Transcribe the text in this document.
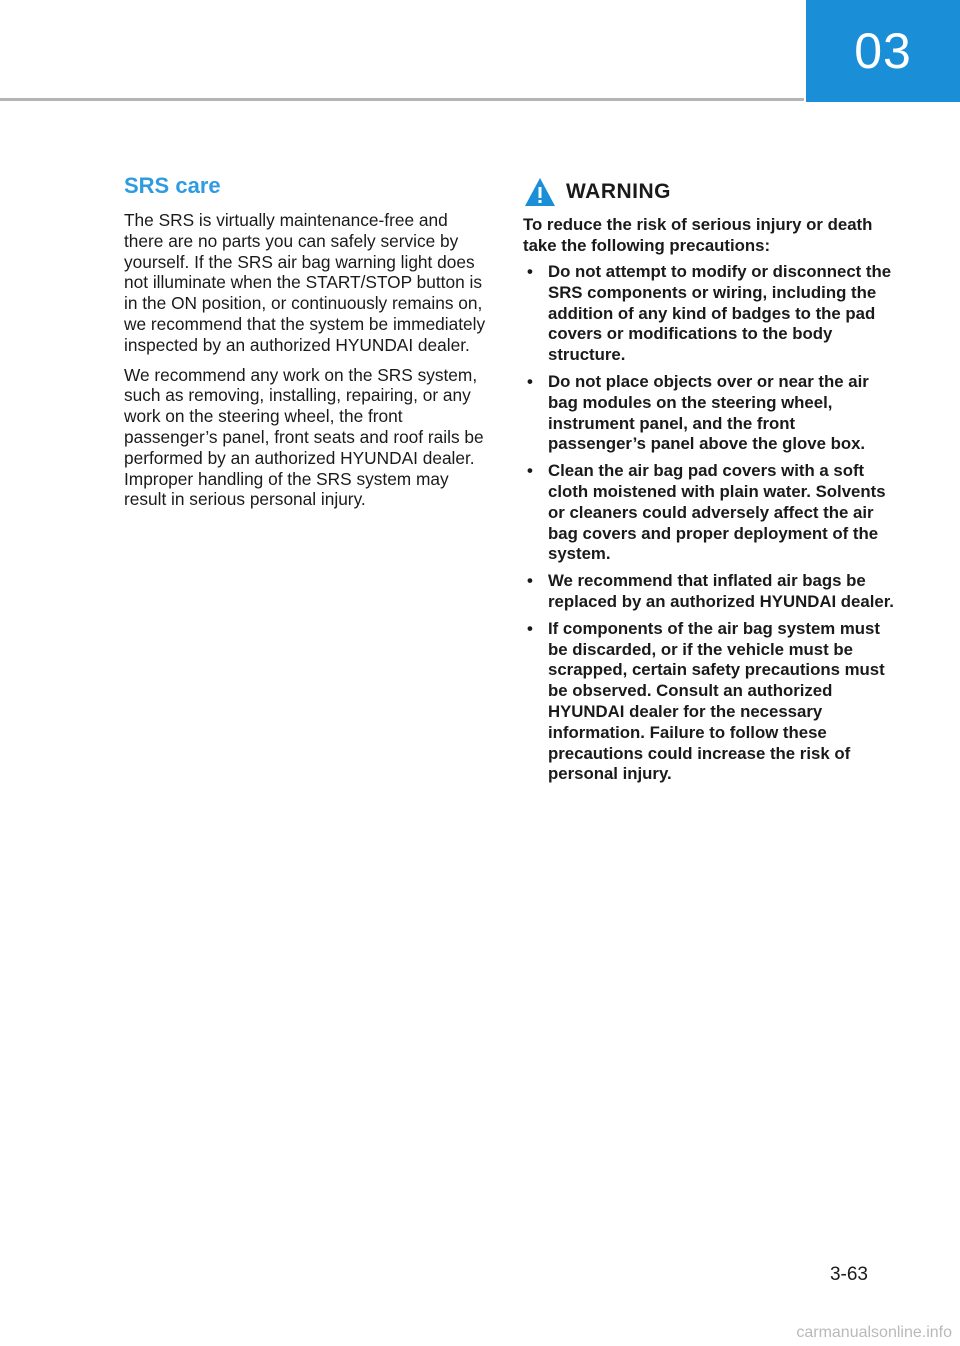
03
SRS care

The SRS is virtually maintenance-free and there are no parts you can safely service by yourself. If the SRS air bag warning light does not illuminate when the START/STOP button is in the ON position, or continuously remains on, we recommend that the system be immediately inspected by an authorized HYUNDAI dealer.

We recommend any work on the SRS system, such as removing, installing, repairing, or any work on the steering wheel, the front passenger’s panel, front seats and roof rails be performed by an authorized HYUNDAI dealer. Improper handling of the SRS system may result in serious personal injury.

WARNING

To reduce the risk of serious injury or death take the following precautions:

• Do not attempt to modify or disconnect the SRS components or wiring, including the addition of any kind of badges to the pad covers or modifications to the body structure.
• Do not place objects over or near the air bag modules on the steering wheel, instrument panel, and the front passenger’s panel above the glove box.
• Clean the air bag pad covers with a soft cloth moistened with plain water. Solvents or cleaners could adversely affect the air bag covers and proper deployment of the system.
• We recommend that inflated air bags be replaced by an authorized HYUNDAI dealer.
• If components of the air bag system must be discarded, or if the vehicle must be scrapped, certain safety precautions must be observed. Consult an authorized HYUNDAI dealer for the necessary information. Failure to follow these precautions could increase the risk of personal injury.
3-63
carmanualsonline.info
